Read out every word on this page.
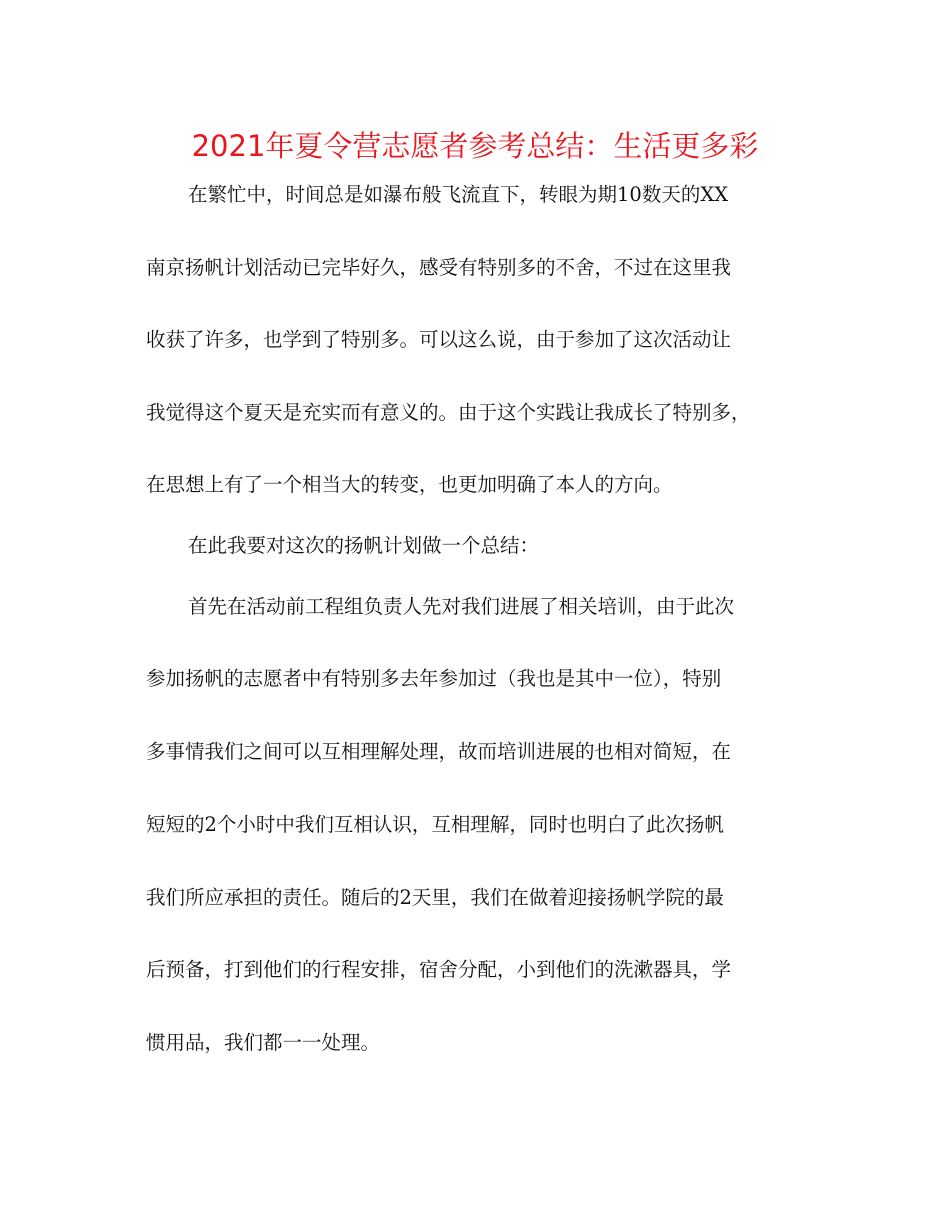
2021年夏令营志愿者参考总结：生活更多彩

在繁忙中，时间总是如瀑布般飞流直下，转眼为期10数天的XX

南京扬帆计划活动已完毕好久，感受有特别多的不舍，不过在这里我

收获了许多，也学到了特别多。可以这么说，由于参加了这次活动让

我觉得这个夏天是充实而有意义的。由于这个实践让我成长了特别多，

在思想上有了一个相当大的转变，也更加明确了本人的方向。

在此我要对这次的扬帆计划做一个总结：

首先在活动前工程组负责人先对我们进展了相关培训，由于此次

参加扬帆的志愿者中有特别多去年参加过（我也是其中一位），特别

多事情我们之间可以互相理解处理，故而培训进展的也相对简短，在

短短的2个小时中我们互相认识，互相理解，同时也明白了此次扬帆

我们所应承担的责任。随后的2天里，我们在做着迎接扬帆学院的最

后预备，打到他们的行程安排，宿舍分配，小到他们的洗漱器具，学

惯用品，我们都一一处理。
